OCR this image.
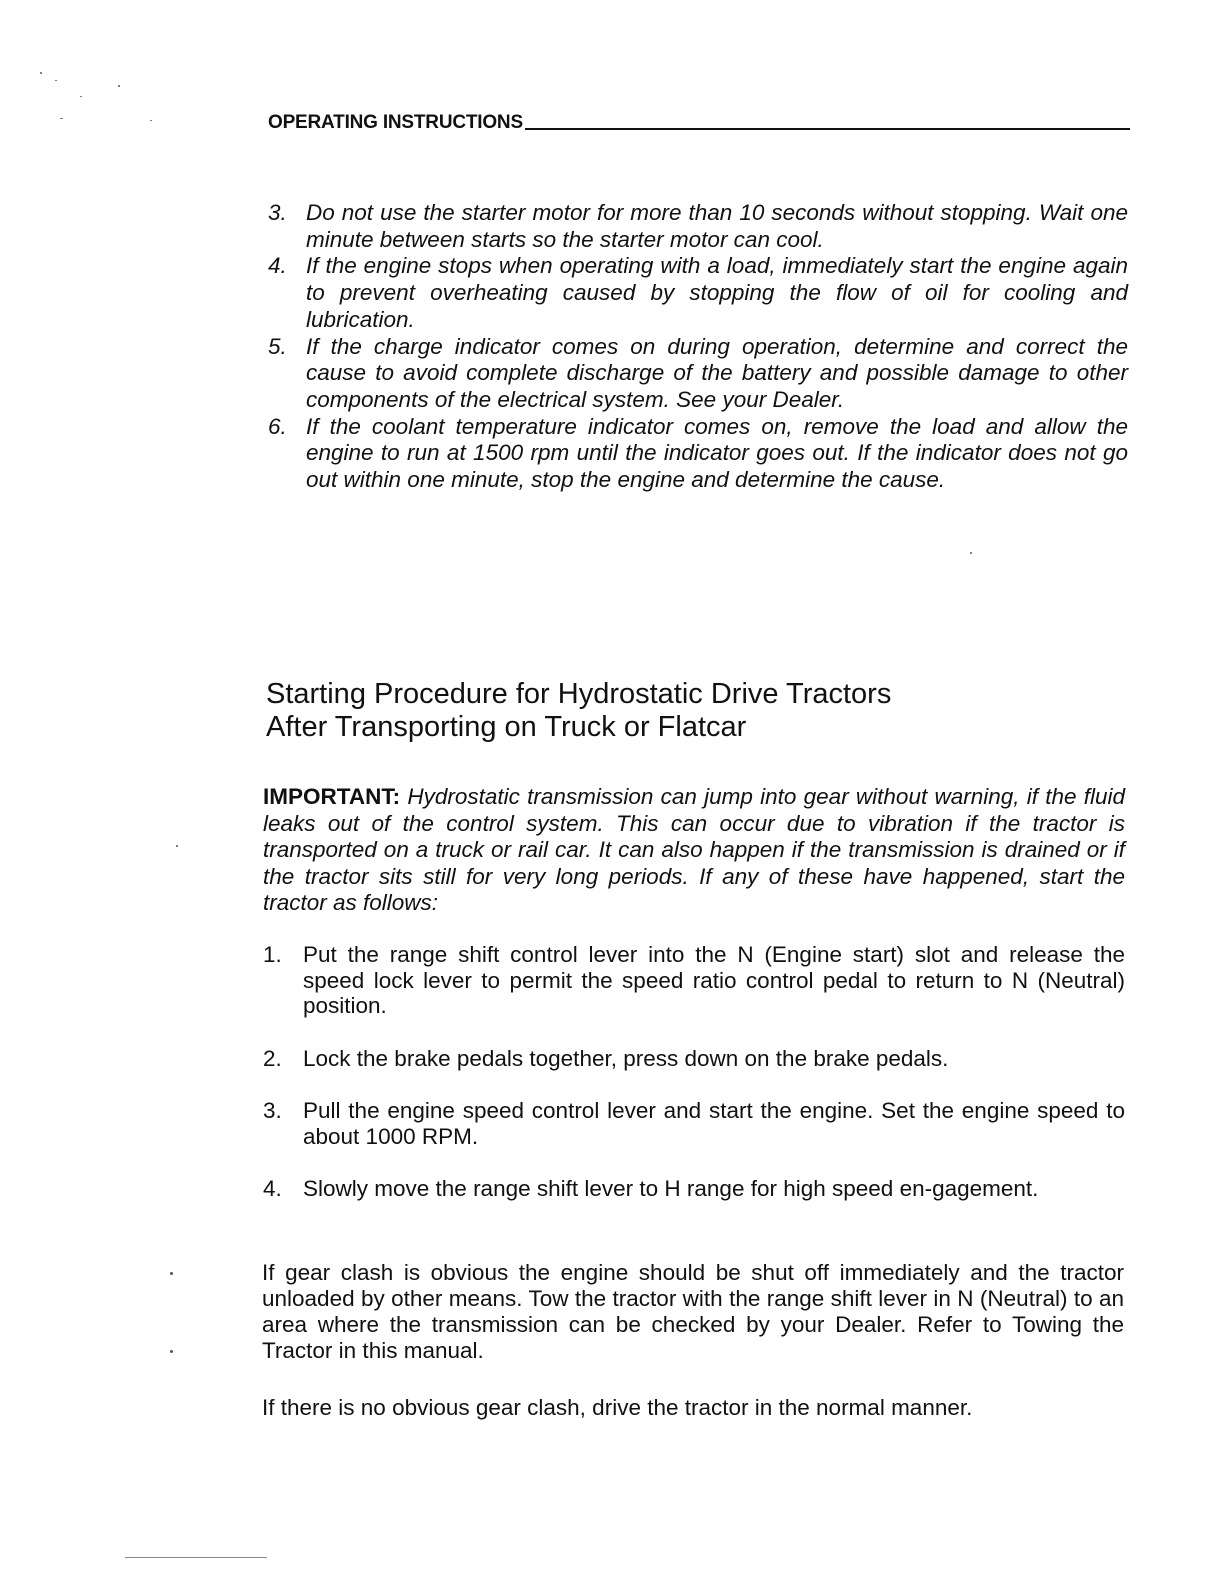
OPERATING INSTRUCTIONS
3. Do not use the starter motor for more than 10 seconds without stopping. Wait one minute between starts so the starter motor can cool.
4. If the engine stops when operating with a load, immediately start the engine again to prevent overheating caused by stopping the flow of oil for cooling and lubrication.
5. If the charge indicator comes on during operation, determine and correct the cause to avoid complete discharge of the battery and possible damage to other components of the electrical system. See your Dealer.
6. If the coolant temperature indicator comes on, remove the load and allow the engine to run at 1500 rpm until the indicator goes out. If the indicator does not go out within one minute, stop the engine and determine the cause.
Starting Procedure for Hydrostatic Drive Tractors
After Transporting on Truck or Flatcar

IMPORTANT: Hydrostatic transmission can jump into gear without warning, if the fluid leaks out of the control system. This can occur due to vibration if the tractor is transported on a truck or rail car. It can also happen if the transmission is drained or if the tractor sits still for very long periods. If any of these have happened, start the tractor as follows:

1. Put the range shift control lever into the N (Engine start) slot and release the speed lock lever to permit the speed ratio control pedal to return to N (Neutral) position.
2. Lock the brake pedals together, press down on the brake pedals.
3. Pull the engine speed control lever and start the engine. Set the engine speed to about 1000 RPM.
4. Slowly move the range shift lever to H range for high speed en-gagement.

If gear clash is obvious the engine should be shut off immediately and the tractor unloaded by other means. Tow the tractor with the range shift lever in N (Neutral) to an area where the transmission can be checked by your Dealer. Refer to Towing the Tractor in this manual.

If there is no obvious gear clash, drive the tractor in the normal manner.
